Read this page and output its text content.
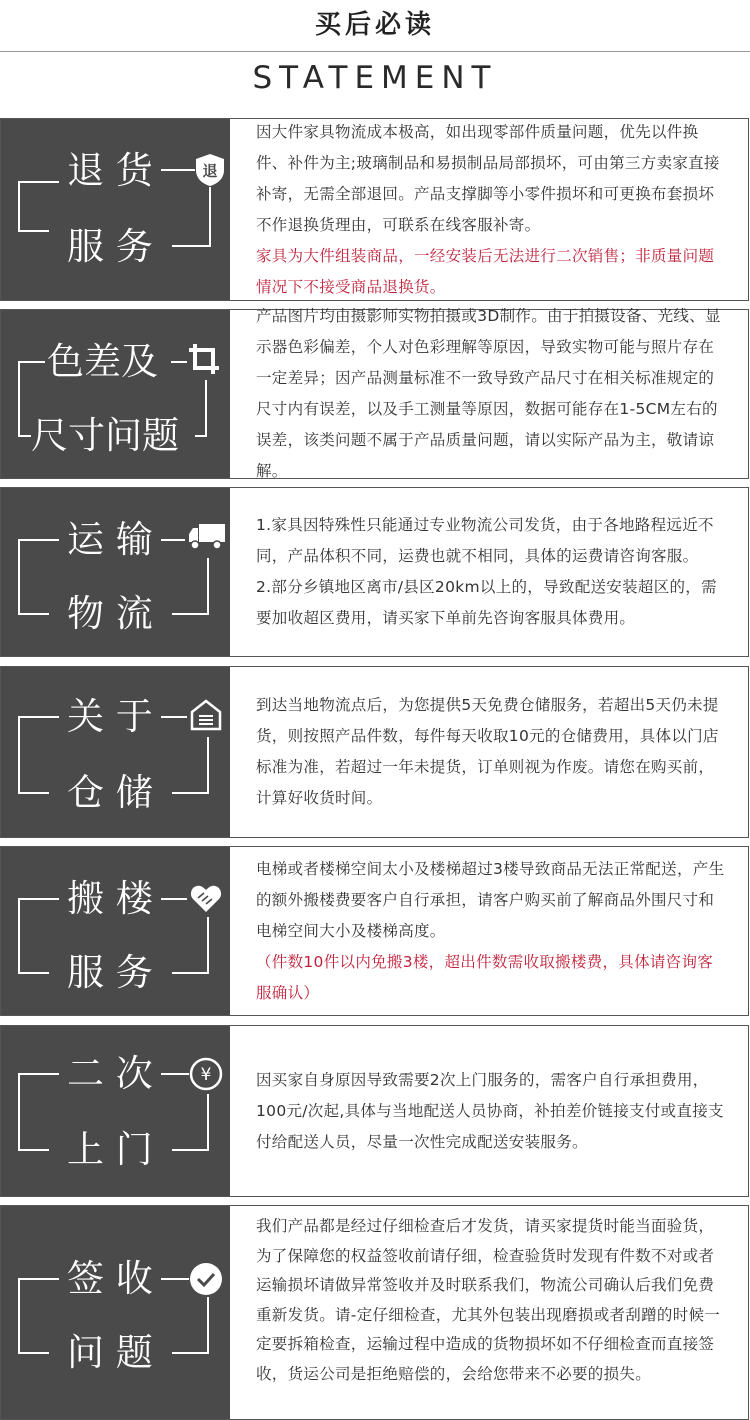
买后必读
STATEMENT
退 货
服 务
退

因大件家具物流成本极高，如出现零部件质量问题，优先以件换件、补件为主;玻璃制品和易损制品局部损坏，可由第三方卖家直接补寄，无需全部退回。产品支撑脚等小零件损坏和可更换布套损坏不作退换货理由，可联系在线客服补寄。

家具为大件组装商品，一经安装后无法进行二次销售；非质量问题情况下不接受商品退换货。

色差及
尺寸问题

产品图片均由摄影师实物拍摄或3D制作。由于拍摄设备、光线、显示器色彩偏差，个人对色彩理解等原因，导致实物可能与照片存在一定差异；因产品测量标准不一致导致产品尺寸在相关标准规定的尺寸内有误差，以及手工测量等原因，数据可能存在1-5CM左右的误差，该类问题不属于产品质量问题，请以实际产品为主，敬请谅解。

运 输
物 流

1.家具因特殊性只能通过专业物流公司发货，由于各地路程远近不同，产品体积不同，运费也就不相同，具体的运费请咨询客服。

2.部分乡镇地区离市/县区20km以上的，导致配送安装超区的，需要加收超区费用，请买家下单前先咨询客服具体费用。

关 于
仓 储

到达当地物流点后，为您提供5天免费仓储服务，若超出5天仍未提货，则按照产品件数，每件每天收取10元的仓储费用，具体以门店标准为准，若超过一年未提货，订单则视为作废。请您在购买前，计算好收货时间。

搬 楼
服 务

电梯或者楼梯空间太小及楼梯超过3楼导致商品无法正常配送，产生的额外搬楼费要客户自行承担，请客户购买前了解商品外围尺寸和电梯空间大小及楼梯高度。

（件数10件以内免搬3楼，超出件数需收取搬楼费，具体请咨询客服确认）

二 次
上 门
¥	因买家自身原因导致需要2次上门服务的，需客户自行承担费用，100元/次起,具体与当地配送人员协商，补拍差价链接支付或直接支付给配送人员，尽量一次性完成配送安装服务。

签 收
问 题

我们产品都是经过仔细检查后才发货，请买家提货时能当面验货，为了保障您的权益签收前请仔细，检查验货时发现有件数不对或者运输损坏请做异常签收并及时联系我们，物流公司确认后我们免费重新发货。请-定仔细检查，尤其外包装出现磨损或者刮蹭的时候一定要拆箱检查，运输过程中造成的货物损坏如不仔细检查而直接签收，货运公司是拒绝赔偿的，会给您带来不必要的损失。
